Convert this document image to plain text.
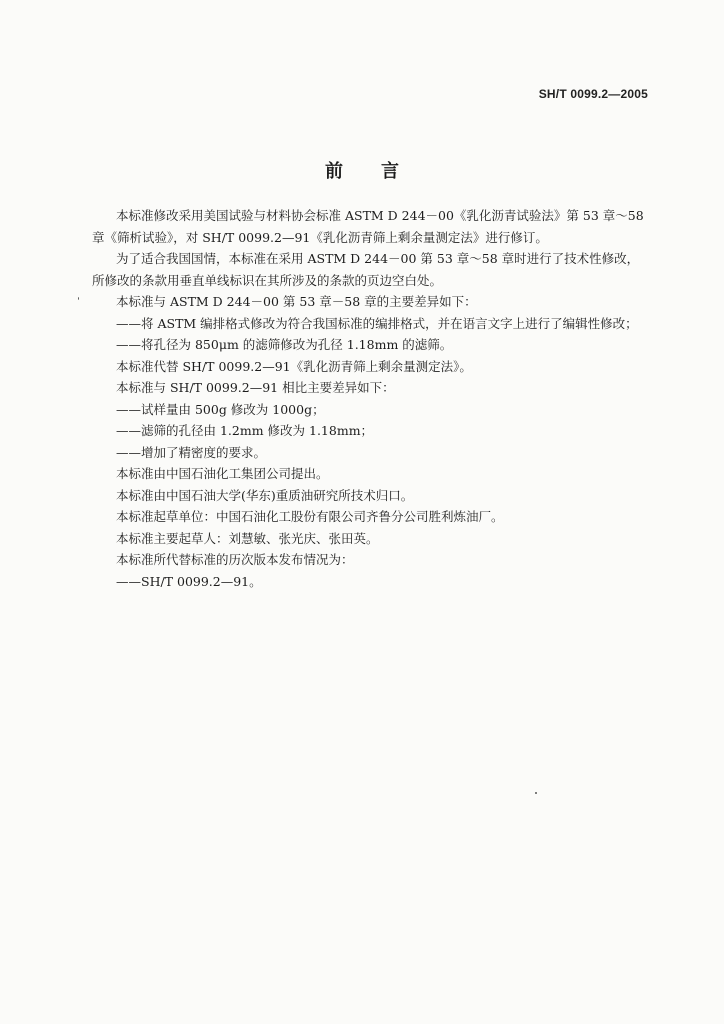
SH/T 0099.2—2005
前言

本标准修改采用美国试验与材料协会标准 ASTM D 244－00《乳化沥青试验法》第 53 章～58 章《筛析试验》，对 SH/T 0099.2—91《乳化沥青筛上剩余量测定法》进行修订。

为了适合我国国情，本标准在采用 ASTM D 244－00 第 53 章～58 章时进行了技术性修改，所修改的条款用垂直单线标识在其所涉及的条款的页边空白处。

本标准与 ASTM D 244－00 第 53 章－58 章的主要差异如下：

——将 ASTM 编排格式修改为符合我国标准的编排格式，并在语言文字上进行了编辑性修改；

——将孔径为 850μm 的滤筛修改为孔径 1.18mm 的滤筛。

本标准代替 SH/T 0099.2—91《乳化沥青筛上剩余量测定法》。

本标准与 SH/T 0099.2—91 相比主要差异如下：

——试样量由 500g 修改为 1000g；

——滤筛的孔径由 1.2mm 修改为 1.18mm；

——增加了精密度的要求。

本标准由中国石油化工集团公司提出。

本标准由中国石油大学(华东)重质油研究所技术归口。

本标准起草单位：中国石油化工股份有限公司齐鲁分公司胜利炼油厂。

本标准主要起草人：刘慧敏、张光庆、张田英。

本标准所代替标准的历次版本发布情况为：

——SH/T 0099.2—91。
